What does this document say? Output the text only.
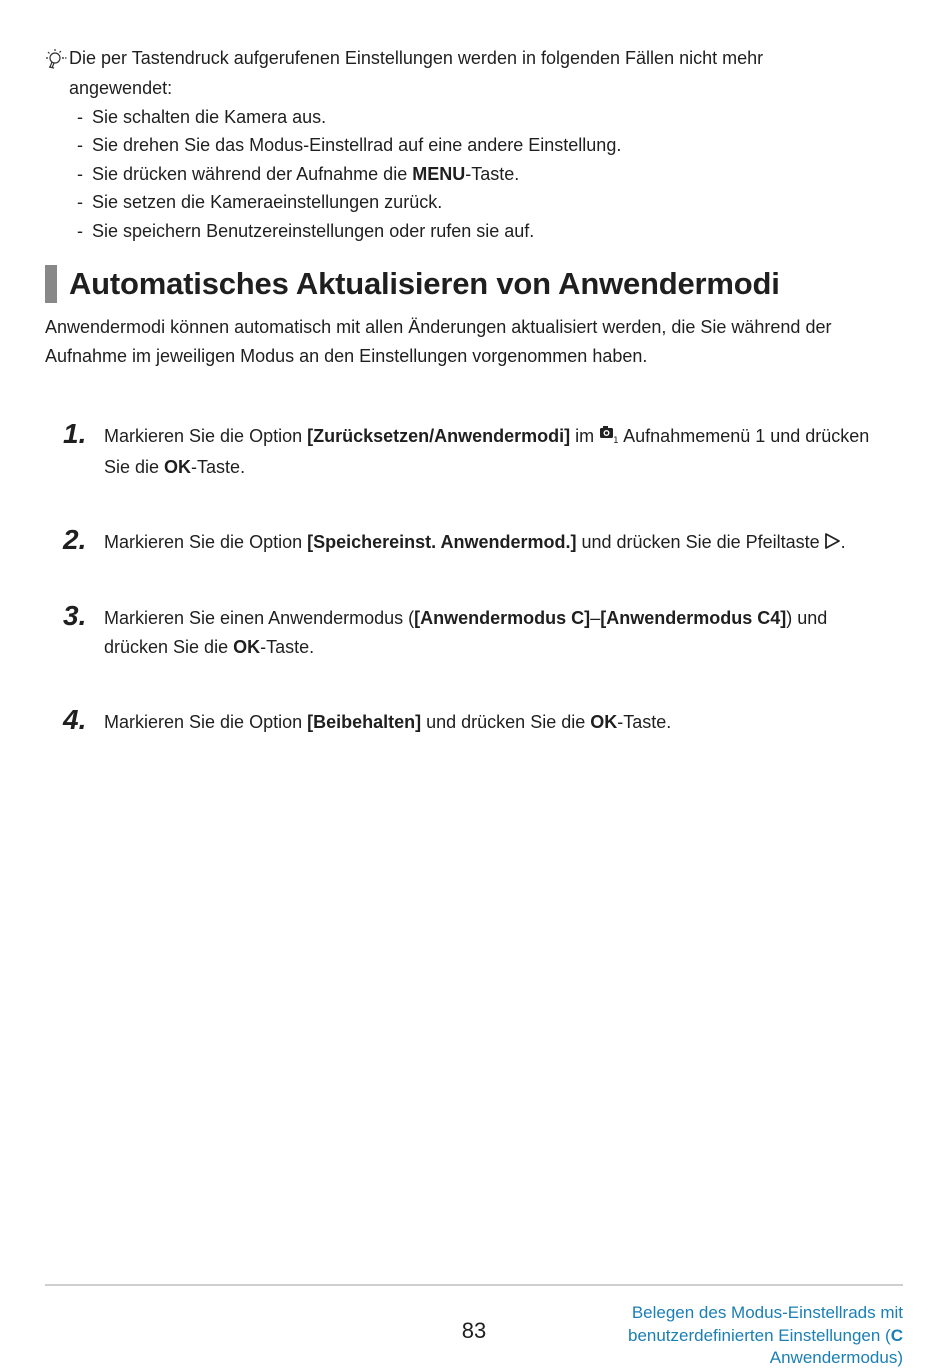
Die per Tastendruck aufgerufenen Einstellungen werden in folgenden Fällen nicht mehr
angewendet:
- Sie schalten die Kamera aus.
- Sie drehen Sie das Modus-Einstellrad auf eine andere Einstellung.
- Sie drücken während der Aufnahme die MENU-Taste.
- Sie setzen die Kameraeinstellungen zurück.
- Sie speichern Benutzereinstellungen oder rufen sie auf.
Automatisches Aktualisieren von Anwendermodi
Anwendermodi können automatisch mit allen Änderungen aktualisiert werden, die Sie während der Aufnahme im jeweiligen Modus an den Einstellungen vorgenommen haben.
1. Markieren Sie die Option [Zurücksetzen/Anwendermodi] im 1 Aufnahmemenü 1 und drücken Sie die OK-Taste.
2. Markieren Sie die Option [Speichereinst. Anwendermod.] und drücken Sie die Pfeiltaste .
3. Markieren Sie einen Anwendermodus ([Anwendermodus C]–[Anwendermodus C4]) und drücken Sie die OK-Taste.
4. Markieren Sie die Option [Beibehalten] und drücken Sie die OK-Taste.
83
Belegen des Modus-Einstellrads mit
benutzerdefinierten Einstellungen (C
Anwendermodus)
